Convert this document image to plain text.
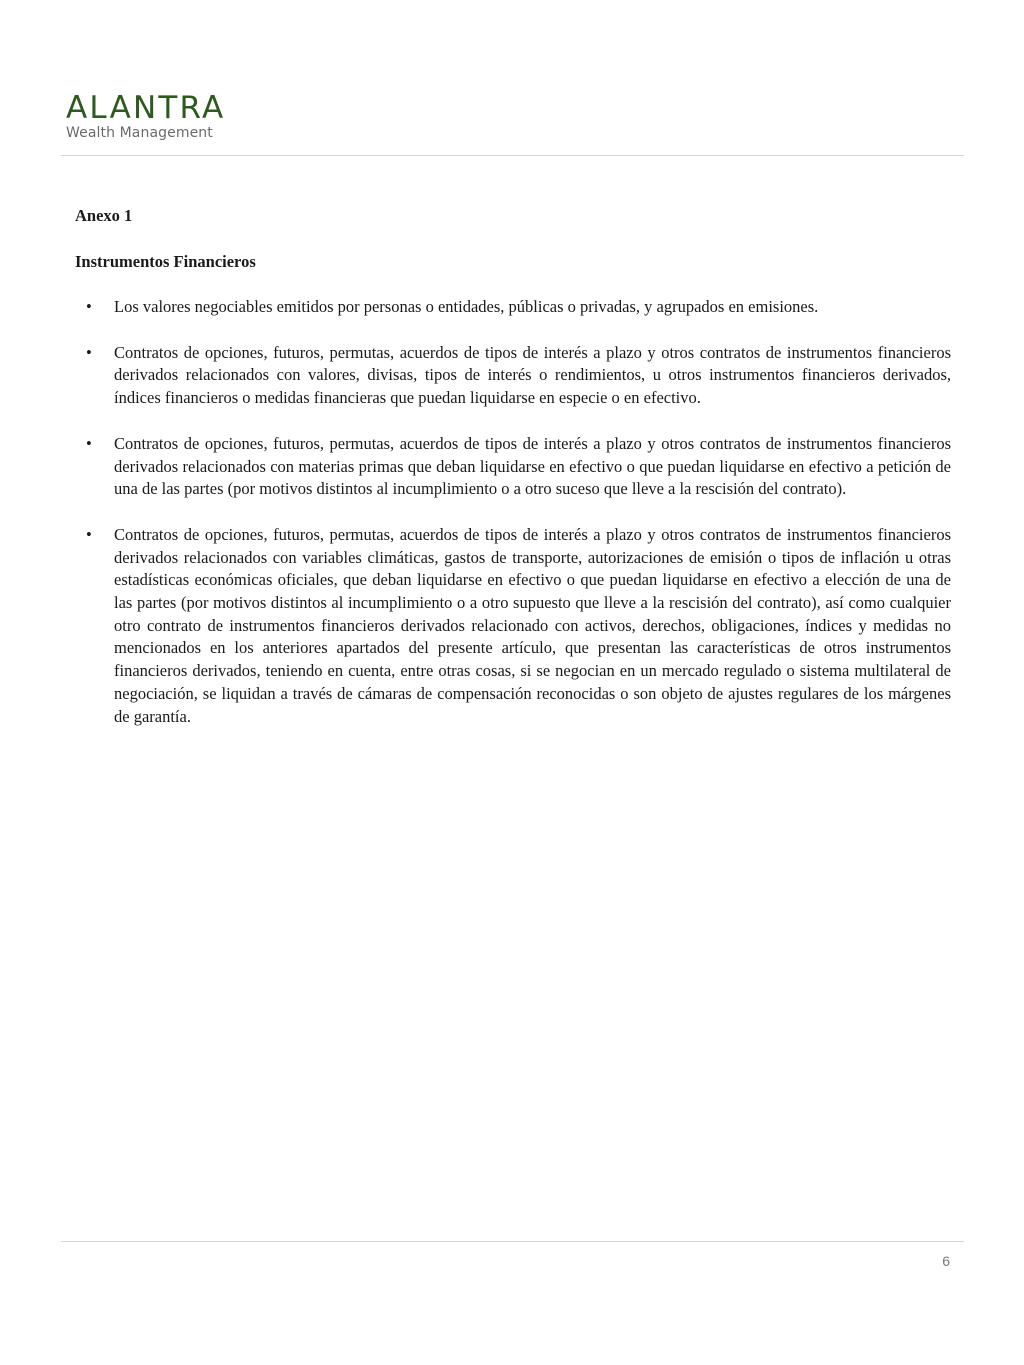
ALANTRA
Wealth Management
Anexo 1
Instrumentos Financieros

• Los valores negociables emitidos por personas o entidades, públicas o privadas, y agrupados en emisiones.

• Contratos de opciones, futuros, permutas, acuerdos de tipos de interés a plazo y otros contratos de instrumentos financieros derivados relacionados con valores, divisas, tipos de interés o rendimientos, u otros instrumentos financieros derivados, índices financieros o medidas financieras que puedan liquidarse en especie o en efectivo.

• Contratos de opciones, futuros, permutas, acuerdos de tipos de interés a plazo y otros contratos de instrumentos financieros derivados relacionados con materias primas que deban liquidarse en efectivo o que puedan liquidarse en efectivo a petición de una de las partes (por motivos distintos al incumplimiento o a otro suceso que lleve a la rescisión del contrato).

• Contratos de opciones, futuros, permutas, acuerdos de tipos de interés a plazo y otros contratos de instrumentos financieros derivados relacionados con variables climáticas, gastos de transporte, autorizaciones de emisión o tipos de inflación u otras estadísticas económicas oficiales, que deban liquidarse en efectivo o que puedan liquidarse en efectivo a elección de una de las partes (por motivos distintos al incumplimiento o a otro supuesto que lleve a la rescisión del contrato), así como cualquier otro contrato de instrumentos financieros derivados relacionado con activos, derechos, obligaciones, índices y medidas no mencionados en los anteriores apartados del presente artículo, que presentan las características de otros instrumentos financieros derivados, teniendo en cuenta, entre otras cosas, si se negocian en un mercado regulado o sistema multilateral de negociación, se liquidan a través de cámaras de compensación reconocidas o son objeto de ajustes regulares de los márgenes de garantía.

6
